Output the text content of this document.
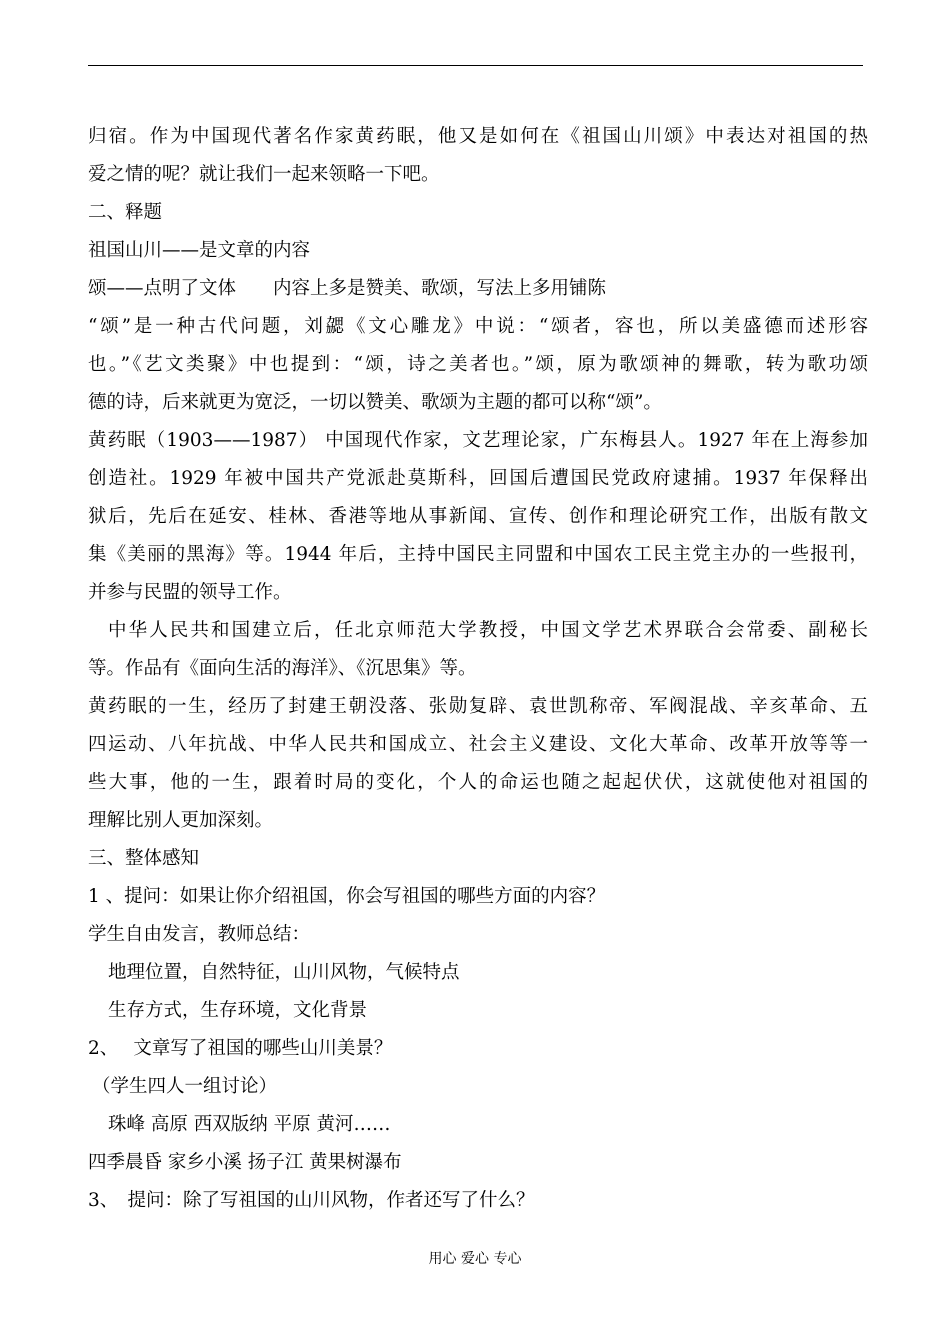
归宿。作为中国现代著名作家黄药眠，他又是如何在《祖国山川颂》中表达对祖国的热
爱之情的呢？就让我们一起来领略一下吧。
二、释题
祖国山川——是文章的内容
颂——点明了文体　　内容上多是赞美、歌颂，写法上多用铺陈
“颂”是一种古代问题，刘勰《文心雕龙》中说：“颂者，容也，所以美盛德而述形容
也。”《艺文类聚》中也提到：“颂，诗之美者也。”颂，原为歌颂神的舞歌，转为歌功颂
德的诗，后来就更为宽泛，一切以赞美、歌颂为主题的都可以称“颂”。
黄药眠（1903——1987） 中国现代作家，文艺理论家，广东梅县人。1927 年在上海参加
创造社。1929 年被中国共产党派赴莫斯科，回国后遭国民党政府逮捕。1937 年保释出
狱后，先后在延安、桂林、香港等地从事新闻、宣传、创作和理论研究工作，出版有散文
集《美丽的黑海》等。1944 年后，主持中国民主同盟和中国农工民主党主办的一些报刊，
并参与民盟的领导工作。
中华人民共和国建立后，任北京师范大学教授，中国文学艺术界联合会常委、副秘长
等。作品有《面向生活的海洋》、《沉思集》等。
黄药眠的一生，经历了封建王朝没落、张勋复辟、袁世凯称帝、军阀混战、辛亥革命、五
四运动、八年抗战、中华人民共和国成立、社会主义建设、文化大革命、改革开放等等一
些大事，他的一生，跟着时局的变化，个人的命运也随之起起伏伏，这就使他对祖国的
理解比别人更加深刻。
三、整体感知
1 、提问：如果让你介绍祖国，你会写祖国的哪些方面的内容？
学生自由发言，教师总结：
地理位置，自然特征，山川风物，气候特点
生存方式，生存环境，文化背景
2、　 文章写了祖国的哪些山川美景？
（学生四人一组讨论）
珠峰 高原 西双版纳 平原 黄河……
四季晨昏 家乡小溪 扬子江 黄果树瀑布
3、　提问：除了写祖国的山川风物，作者还写了什么？
用心 爱心 专心
